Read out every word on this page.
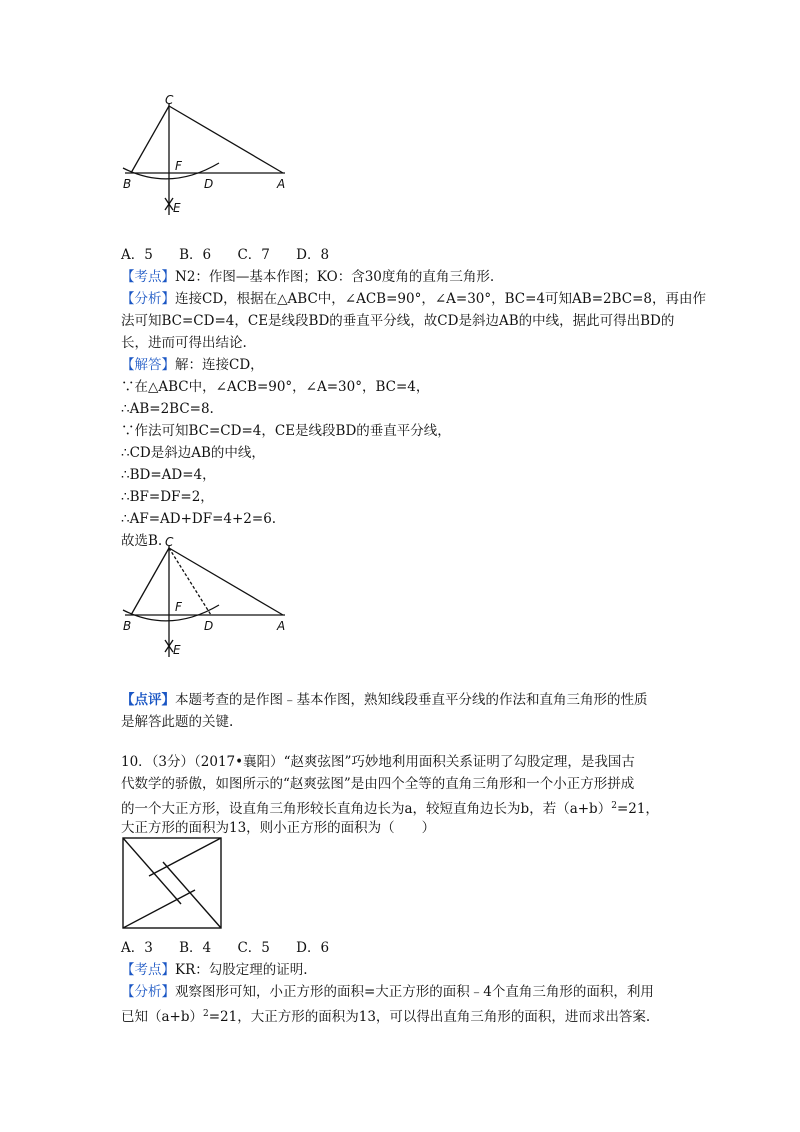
C
F
B	D	A
E
A．5 B．6 C．7 D．8
【考点】N2：作图—基本作图；KO：含30度角的直角三角形.
【分析】连接CD，根据在△ABC中，∠ACB=90°，∠A=30°，BC=4可知AB=2BC=8，再由作
法可知BC=CD=4，CE是线段BD的垂直平分线，故CD是斜边AB的中线，据此可得出BD的
长，进而可得出结论.
【解答】解：连接CD，
∵在△ABC中，∠ACB=90°，∠A=30°，BC=4，
∴AB=2BC=8.
∵作法可知BC=CD=4，CE是线段BD的垂直平分线，
∴CD是斜边AB的中线，
∴BD=AD=4，
∴BF=DF=2，
∴AF=AD+DF=4+2=6.
故选B. C
F
B	D	A
E
【点评】本题考查的是作图﹣基本作图，熟知线段垂直平分线的作法和直角三角形的性质
是解答此题的关键.
10．（3分）（2017•襄阳）“赵爽弦图”巧妙地利用面积关系证明了勾股定理，是我国古
代数学的骄傲，如图所示的“赵爽弦图”是由四个全等的直角三角形和一个小正方形拼成
的一个大正方形，设直角三角形较长直角边长为a，较短直角边长为b，若$(a+b)^2=21$，
大正方形的面积为13，则小正方形的面积为（　　）
A．3 B．4 C．5 D．6
【考点】KR：勾股定理的证明.
【分析】观察图形可知，小正方形的面积=大正方形的面积﹣4个直角三角形的面积，利用
已知$(a+b)^2=21$，大正方形的面积为13，可以得出直角三角形的面积，进而求出答案.
